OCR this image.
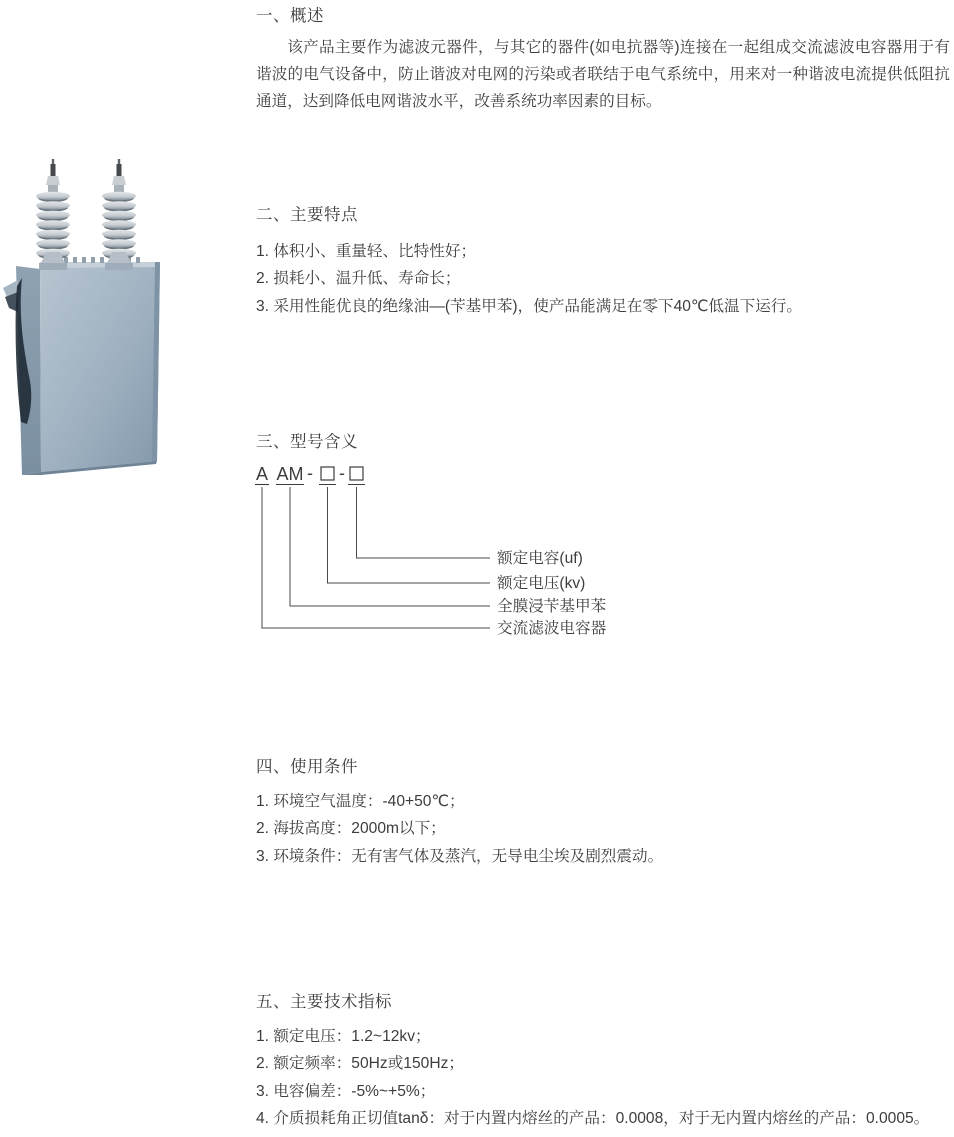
一、概述

该产品主要作为滤波元器件，与其它的器件(如电抗器等)连接在一起组成交流滤波电容器用于有谐波的电气设备中，防止谐波对电网的污染或者联结于电气系统中，用来对一种谐波电流提供低阻抗通道，达到降低电网谐波水平，改善系统功率因素的目标。

二、主要特点
1. 体积小、重量轻、比特性好；
2. 损耗小、温升低、寿命长；
3. 采用性能优良的绝缘油—(苄基甲苯)，使产品能满足在零下40℃低温下运行。
三、型号含义
A AM - -
额定电容(uf)
额定电压(kv)
全膜浸苄基甲苯
交流滤波电容器
四、使用条件
1. 环境空气温度：-40+50℃；
2. 海拔高度：2000m以下；
3. 环境条件：无有害气体及蒸汽，无导电尘埃及剧烈震动。
五、主要技术指标
1. 额定电压：1.2~12kv；
2. 额定频率：50Hz或150Hz；
3. 电容偏差：-5%~+5%；
4. 介质损耗角正切值tanδ：对于内置内熔丝的产品：0.0008，对于无内置内熔丝的产品：0.0005。
